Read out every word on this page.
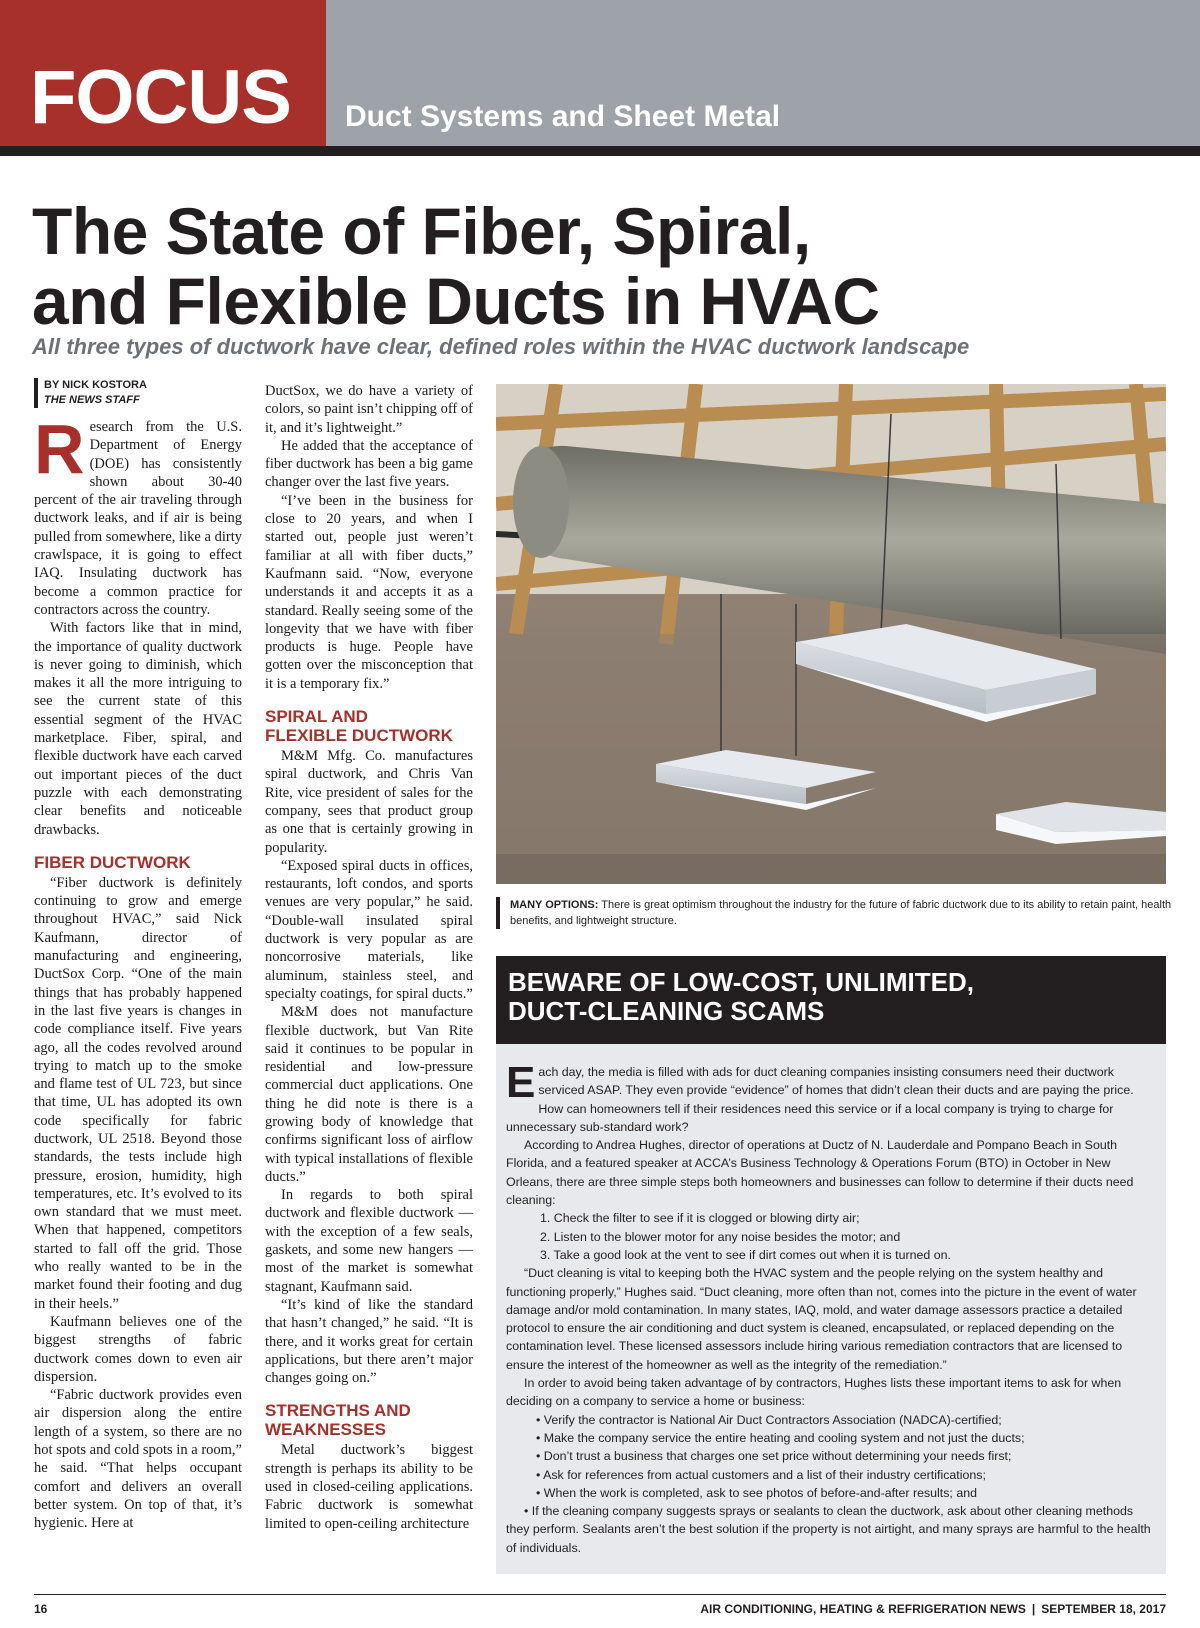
FOCUS Duct Systems and Sheet Metal
The State of Fiber, Spiral,
and Flexible Ducts in HVAC

All three types of ductwork have clear, defined roles within the HVAC ductwork landscape

BY NICK KOSTORA
THE NEWS STAFF

Research from the U.S. Department of Energy (DOE) has consistently shown about 30-40 percent of the air traveling through ductwork leaks, and if air is being pulled from somewhere, like a dirty crawlspace, it is going to effect IAQ. Insulating ductwork has become a common practice for contractors across the country.

With factors like that in mind, the importance of quality ductwork is never going to diminish, which makes it all the more intriguing to see the current state of this essential segment of the HVAC marketplace. Fiber, spiral, and flexible ductwork have each carved out important pieces of the duct puzzle with each demonstrating clear benefits and noticeable drawbacks.

FIBER DUCTWORK

“Fiber ductwork is definitely continuing to grow and emerge throughout HVAC,” said Nick Kaufmann, director of manufacturing and engineering, DuctSox Corp. “One of the main things that has probably happened in the last five years is changes in code compliance itself. Five years ago, all the codes revolved around trying to match up to the smoke and flame test of UL 723, but since that time, UL has adopted its own code specifically for fabric ductwork, UL 2518. Beyond those standards, the tests include high pressure, erosion, humidity, high temperatures, etc. It’s evolved to its own standard that we must meet. When that happened, competitors started to fall off the grid. Those who really wanted to be in the market found their footing and dug in their heels.”

Kaufmann believes one of the biggest strengths of fabric ductwork comes down to even air dispersion.

“Fabric ductwork provides even air dispersion along the entire length of a system, so there are no hot spots and cold spots in a room,” he said. “That helps occupant comfort and delivers an overall better system. On top of that, it’s hygienic. Here at

DuctSox, we do have a variety of colors, so paint isn’t chipping off of it, and it’s lightweight.”

He added that the acceptance of fiber ductwork has been a big game changer over the last five years.

“I’ve been in the business for close to 20 years, and when I started out, people just weren’t familiar at all with fiber ducts,” Kaufmann said. “Now, everyone understands it and accepts it as a standard. Really seeing some of the longevity that we have with fiber products is huge. People have gotten over the misconception that it is a temporary fix.”

SPIRAL AND
FLEXIBLE DUCTWORK

M&M Mfg. Co. manufactures spiral ductwork, and Chris Van Rite, vice president of sales for the company, sees that product group as one that is certainly growing in popularity.

“Exposed spiral ducts in offices, restaurants, loft condos, and sports venues are very popular,” he said. “Double-wall insulated spiral ductwork is very popular as are noncorrosive materials, like aluminum, stainless steel, and specialty coatings, for spiral ducts.”

M&M does not manufacture flexible ductwork, but Van Rite said it continues to be popular in residential and low-pressure commercial duct applications. One thing he did note is there is a growing body of knowledge that confirms significant loss of airflow with typical installations of flexible ducts.”

In regards to both spiral ductwork and flexible ductwork — with the exception of a few seals, gaskets, and some new hangers — most of the market is somewhat stagnant, Kaufmann said.

“It’s kind of like the standard that hasn’t changed,” he said. “It is there, and it works great for certain applications, but there aren’t major changes going on.”

STRENGTHS AND
WEAKNESSES

Metal ductwork’s biggest strength is perhaps its ability to be used in closed-ceiling applications. Fabric ductwork is somewhat limited to open-ceiling architecture

MANY OPTIONS: There is great optimism throughout the industry for the future of fabric ductwork due to its ability to retain paint, health benefits, and lightweight structure.
BEWARE OF LOW-COST, UNLIMITED,
DUCT-CLEANING SCAMS

Each day, the media is filled with ads for duct cleaning companies insisting consumers need their ductwork serviced ASAP. They even provide “evidence” of homes that didn’t clean their ducts and are paying the price. How can homeowners tell if their residences need this service or if a local company is trying to charge for unnecessary sub-standard work?

According to Andrea Hughes, director of operations at Ductz of N. Lauderdale and Pompano Beach in South Florida, and a featured speaker at ACCA’s Business Technology & Operations Forum (BTO) in October in New Orleans, there are three simple steps both homeowners and businesses can follow to determine if their ducts need cleaning:

1. Check the filter to see if it is clogged or blowing dirty air;
2. Listen to the blower motor for any noise besides the motor; and
3. Take a good look at the vent to see if dirt comes out when it is turned on.

“Duct cleaning is vital to keeping both the HVAC system and the people relying on the system healthy and functioning properly,” Hughes said. “Duct cleaning, more often than not, comes into the picture in the event of water damage and/or mold contamination. In many states, IAQ, mold, and water damage assessors practice a detailed protocol to ensure the air conditioning and duct system is cleaned, encapsulated, or replaced depending on the contamination level. These licensed assessors include hiring various remediation contractors that are licensed to ensure the interest of the homeowner as well as the integrity of the remediation.”

In order to avoid being taken advantage of by contractors, Hughes lists these important items to ask for when deciding on a company to service a home or business:

• Verify the contractor is National Air Duct Contractors Association (NADCA)-certified;
• Make the company service the entire heating and cooling system and not just the ducts;
• Don’t trust a business that charges one set price without determining your needs first;
• Ask for references from actual customers and a list of their industry certifications;
• When the work is completed, ask to see photos of before-and-after results; and

• If the cleaning company suggests sprays or sealants to clean the ductwork, ask about other cleaning methods they perform. Sealants aren’t the best solution if the property is not airtight, and many sprays are harmful to the health of individuals.

16	AIR CONDITIONING, HEATING & REFRIGERATION NEWS | SEPTEMBER 18, 2017
